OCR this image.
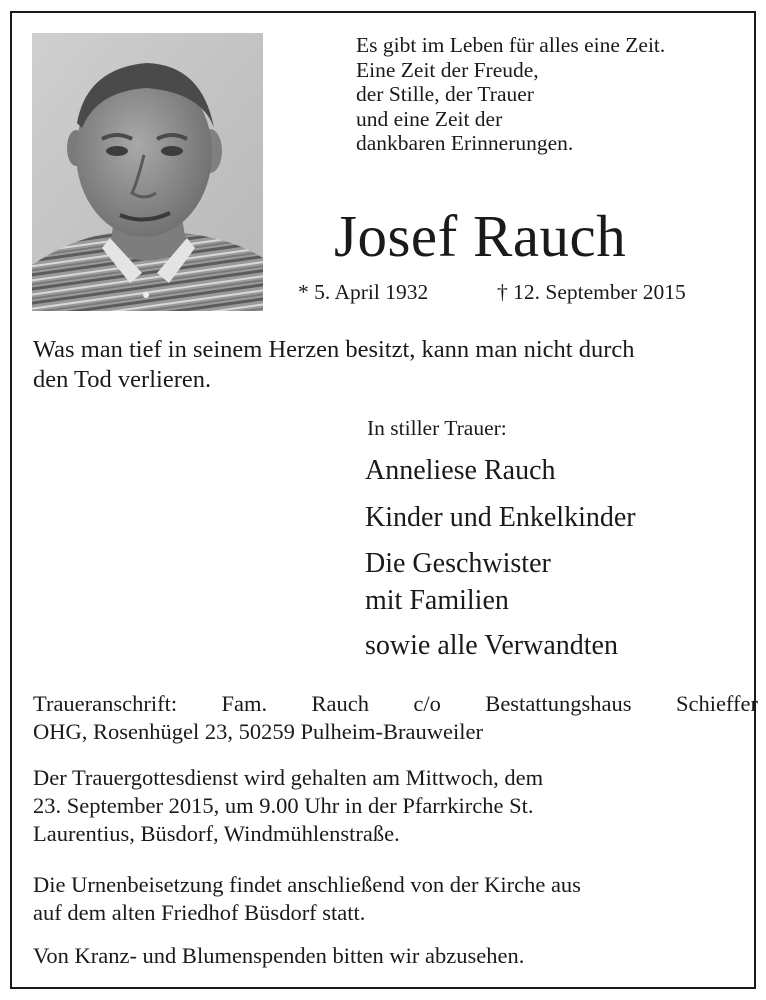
Es gibt im Leben für alles eine Zeit.
Eine Zeit der Freude,
der Stille, der Trauer
und eine Zeit der
dankbaren Erinnerungen.
Josef Rauch
* 5. April 1932	† 12. September 2015
Was man tief in seinem Herzen besitzt, kann man nicht durch
den Tod verlieren.
In stiller Trauer:
Anneliese Rauch
Kinder und Enkelkinder
Die Geschwister
mit Familien
sowie alle Verwandten
Traueranschrift: Fam. Rauch c/o Bestattungshaus Schieffer
OHG, Rosenhügel 23, 50259 Pulheim-Brauweiler
Der Trauergottesdienst wird gehalten am Mittwoch, dem
23. September 2015, um 9.00 Uhr in der Pfarrkirche St.
Laurentius, Büsdorf, Windmühlenstraße.
Die Urnenbeisetzung findet anschließend von der Kirche aus
auf dem alten Friedhof Büsdorf statt.
Von Kranz- und Blumenspenden bitten wir abzusehen.
